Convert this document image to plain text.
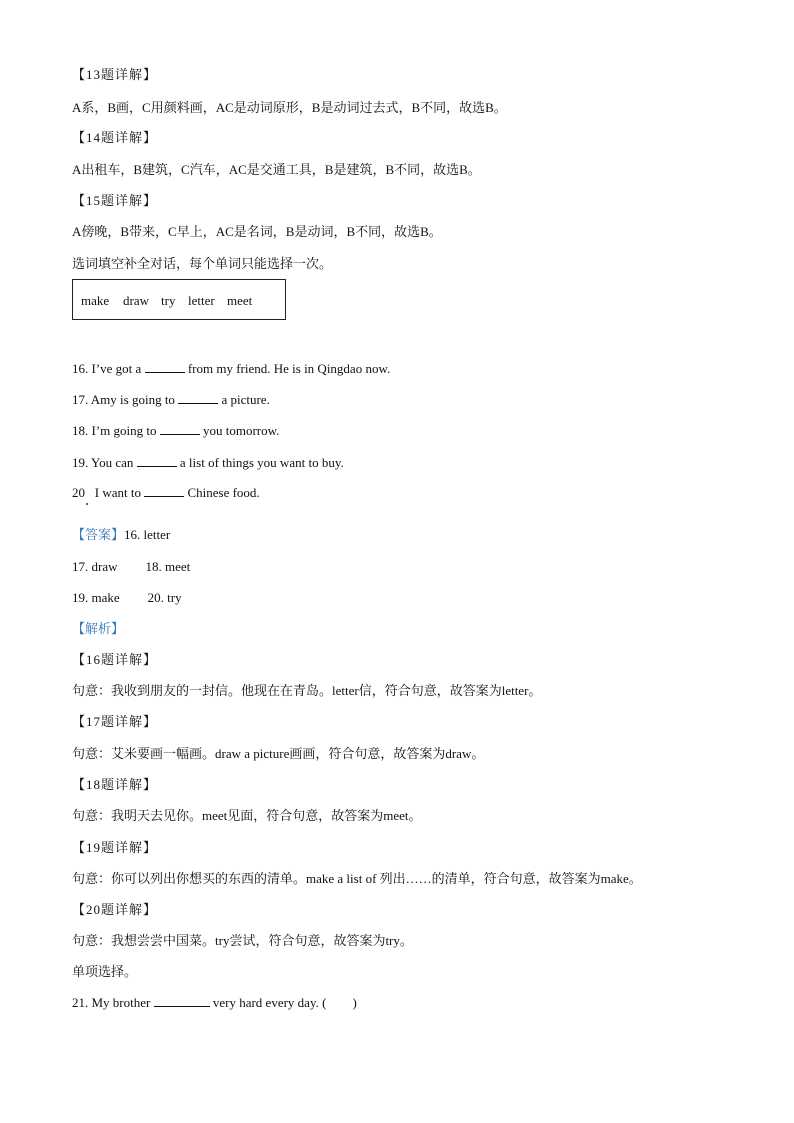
【13题详解】
A系，B画，C用颜料画，AC是动词原形，B是动词过去式，B不同，故选B。
【14题详解】
A出租车，B建筑，C汽车，AC是交通工具，B是建筑，B不同，故选B。
【15题详解】
A傍晚，B带来，C早上，AC是名词，B是动词，B不同，故选B。
选词填空补全对话，每个单词只能选择一次。
make draw try letter meet
16. I’ve got a	from my friend. He is in Qingdao now.
17. Amy is going to	a picture.
18. I’m going to	you tomorrow.
19. You can	a list of things you want to buy.
20   I want to	Chinese food.
【答案】16. letter
17. draw 18. meet
19. make 20. try
【解析】
【16题详解】
句意：我收到朋友的一封信。他现在在青岛。letter信，符合句意，故答案为letter。
【17题详解】
句意：艾米要画一幅画。draw a picture画画，符合句意，故答案为draw。
【18题详解】
句意：我明天去见你。meet见面，符合句意，故答案为meet。
【19题详解】
句意：你可以列出你想买的东西的清单。make a list of 列出……的清单，符合句意，故答案为make。
【20题详解】
句意：我想尝尝中国菜。try尝试，符合句意，故答案为try。
单项选择。
21. My brother	very hard every day. ( )
